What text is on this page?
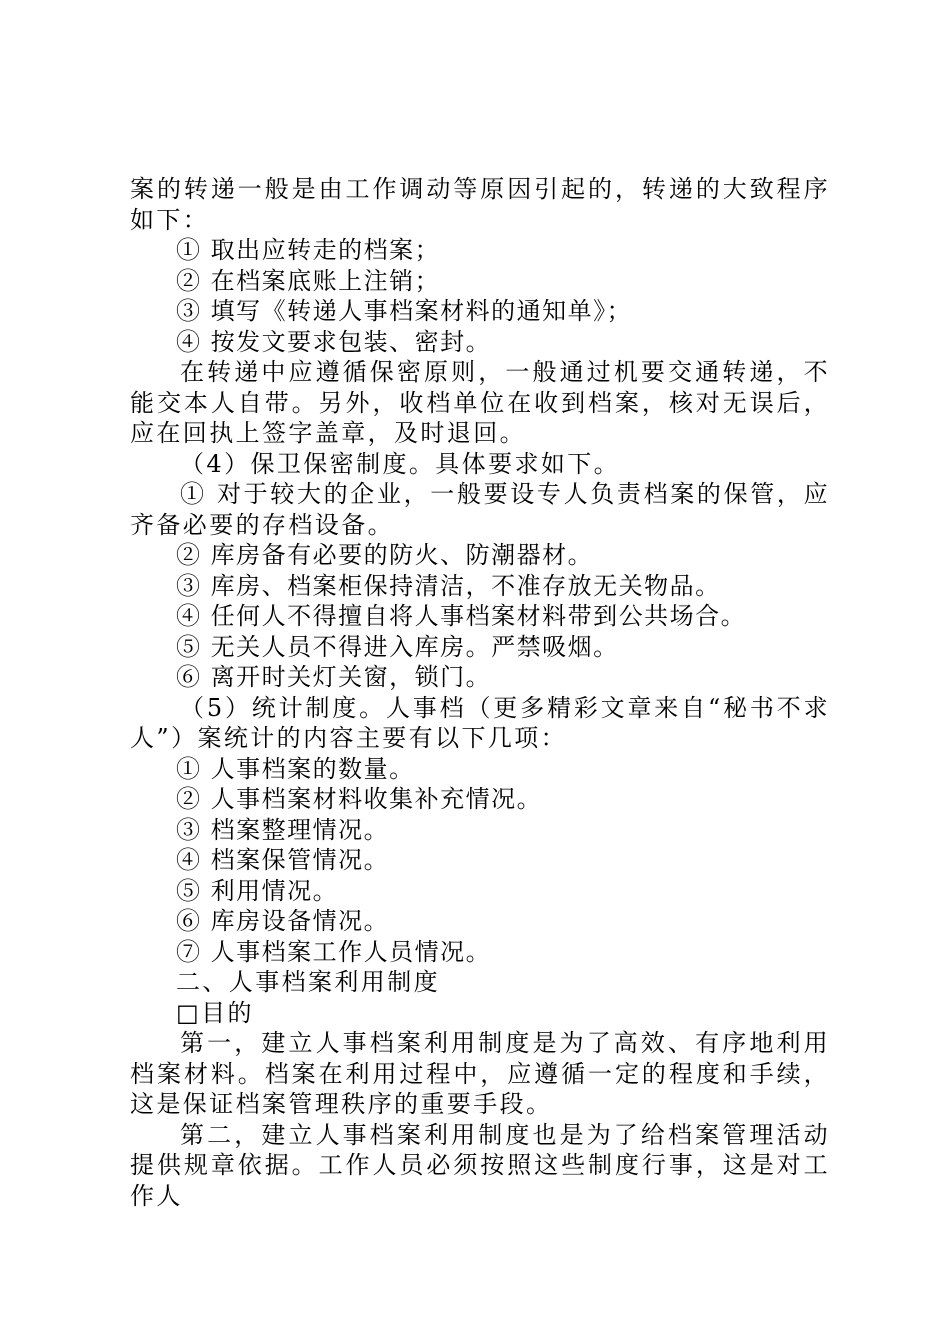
案的转递一般是由工作调动等原因引起的，转递的大致程序如下：

① 取出应转走的档案；

② 在档案底账上注销；

③ 填写《转递人事档案材料的通知单》；

④ 按发文要求包装、密封。

在转递中应遵循保密原则，一般通过机要交通转递，不能交本人自带。另外，收档单位在收到档案，核对无误后，应在回执上签字盖章，及时退回。

（4）保卫保密制度。具体要求如下。

① 对于较大的企业，一般要设专人负责档案的保管，应齐备必要的存档设备。

② 库房备有必要的防火、防潮器材。

③ 库房、档案柜保持清洁，不准存放无关物品。

④ 任何人不得擅自将人事档案材料带到公共场合。

⑤ 无关人员不得进入库房。严禁吸烟。

⑥ 离开时关灯关窗，锁门。

（5）统计制度。人事档（更多精彩文章来自“秘书不求人”）案统计的内容主要有以下几项：

① 人事档案的数量。

② 人事档案材料收集补充情况。

③ 档案整理情况。

④ 档案保管情况。

⑤ 利用情况。

⑥ 库房设备情况。

⑦ 人事档案工作人员情况。

二、人事档案利用制度

□目的

第一，建立人事档案利用制度是为了高效、有序地利用档案材料。档案在利用过程中，应遵循一定的程度和手续，这是保证档案管理秩序的重要手段。

第二，建立人事档案利用制度也是为了给档案管理活动提供规章依据。工作人员必须按照这些制度行事，这是对工作人
